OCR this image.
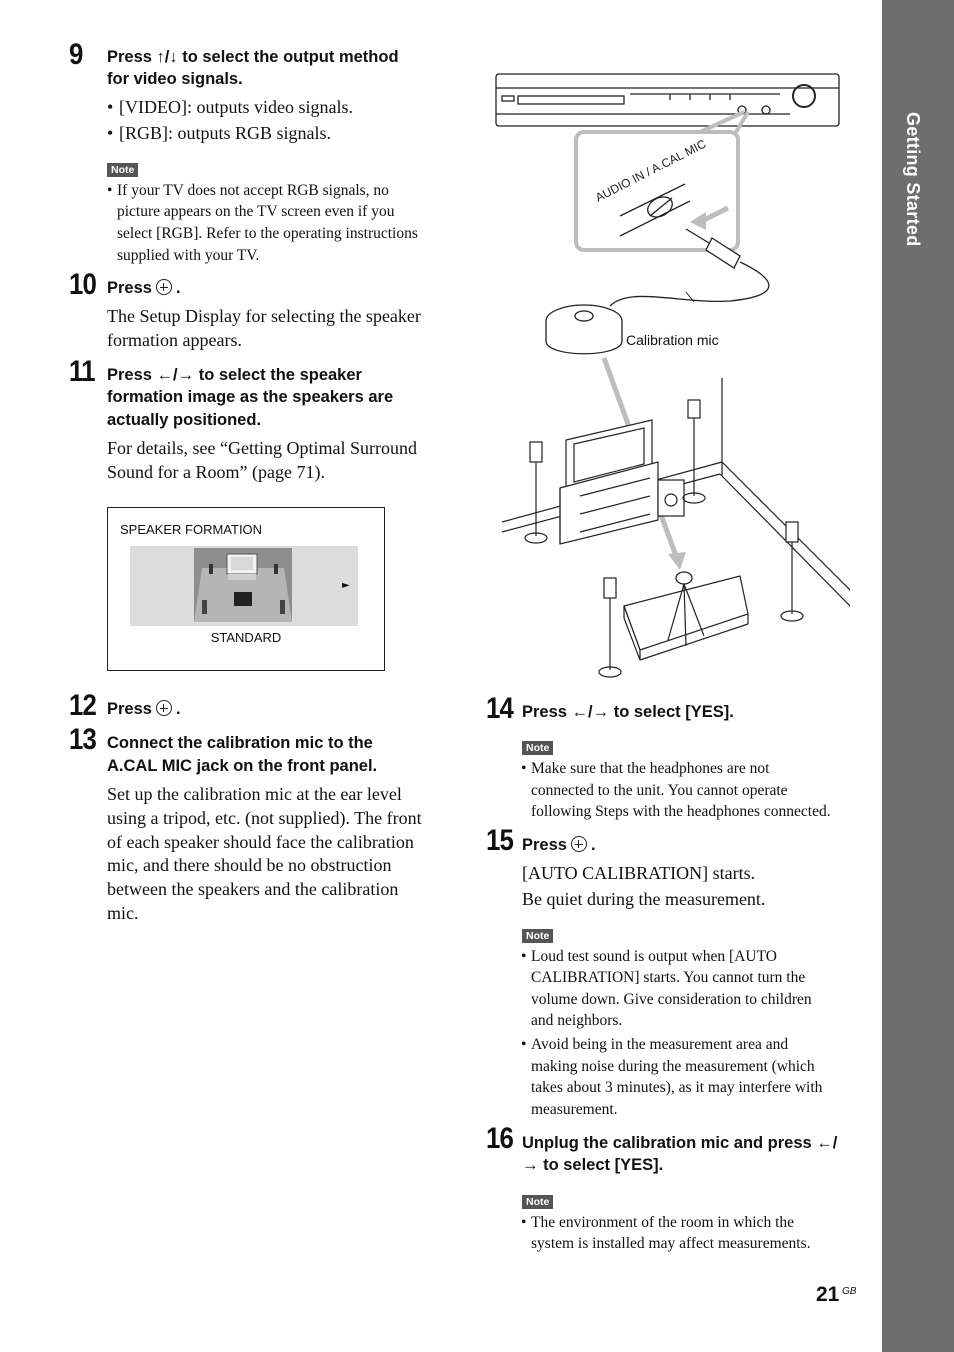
Getting Started
9 Press ↑/↓ to select the output method
for video signals.
• [VIDEO]: outputs video signals.
• [RGB]: outputs RGB signals.
Note
• If your TV does not accept RGB signals, no
picture appears on the TV screen even if you
select [RGB]. Refer to the operating instructions
supplied with your TV.
10 Press .
The Setup Display for selecting the speaker
formation appears.
11 Press ←/→ to select the speaker
formation image as the speakers are
actually positioned.
For details, see “Getting Optimal Surround
Sound for a Room” (page 71).
SPEAKER FORMATION
►
STANDARD
12 Press .
13 Connect the calibration mic to the
A.CAL MIC jack on the front panel.
Set up the calibration mic at the ear level
using a tripod, etc. (not supplied). The front
of each speaker should face the calibration
mic, and there should be no obstruction
between the speakers and the calibration
mic.
AUDIO IN / A.CAL MIC
Calibration mic
14 Press ←/→ to select [YES].
Note
• Make sure that the headphones are not
connected to the unit. You cannot operate
following Steps with the headphones connected.
15 Press .
[AUTO CALIBRATION] starts.
Be quiet during the measurement.
Note
• Loud test sound is output when [AUTO
CALIBRATION] starts. You cannot turn the
volume down. Give consideration to children
and neighbors.
• Avoid being in the measurement area and
making noise during the measurement (which
takes about 3 minutes), as it may interfere with
measurement.
16 Unplug the calibration mic and press ←/
→ to select [YES].
Note
• The environment of the room in which the
system is installed may affect measurements.
21 GB
